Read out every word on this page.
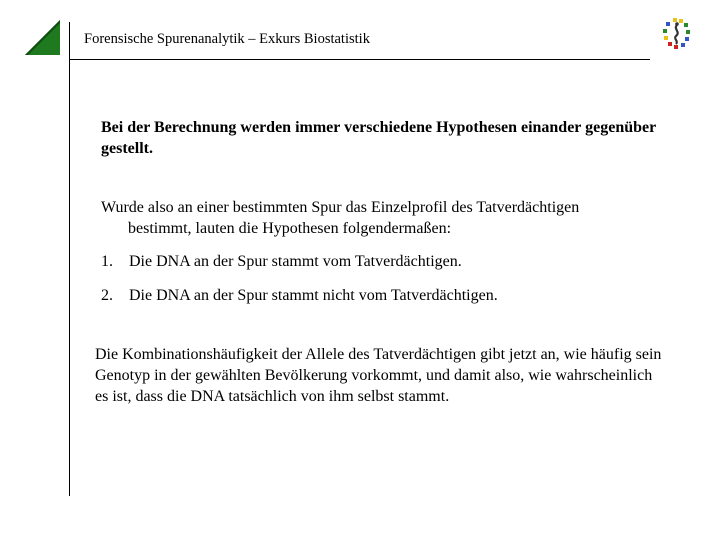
Forensische Spurenanalytik – Exkurs Biostatistik
Bei der Berechnung werden immer verschiedene Hypothesen einander gegenüber gestellt.
Wurde also an einer bestimmten Spur das Einzelprofil des Tatverdächtigen
bestimmt, lauten die Hypothesen folgendermaßen:
1. Die DNA an der Spur stammt vom Tatverdächtigen.
2. Die DNA an der Spur stammt nicht vom Tatverdächtigen.
Die Kombinationshäufigkeit der Allele des Tatverdächtigen gibt jetzt an, wie häufig sein Genotyp in der gewählten Bevölkerung vorkommt, und damit also, wie wahrscheinlich es ist, dass die DNA tatsächlich von ihm selbst stammt.
